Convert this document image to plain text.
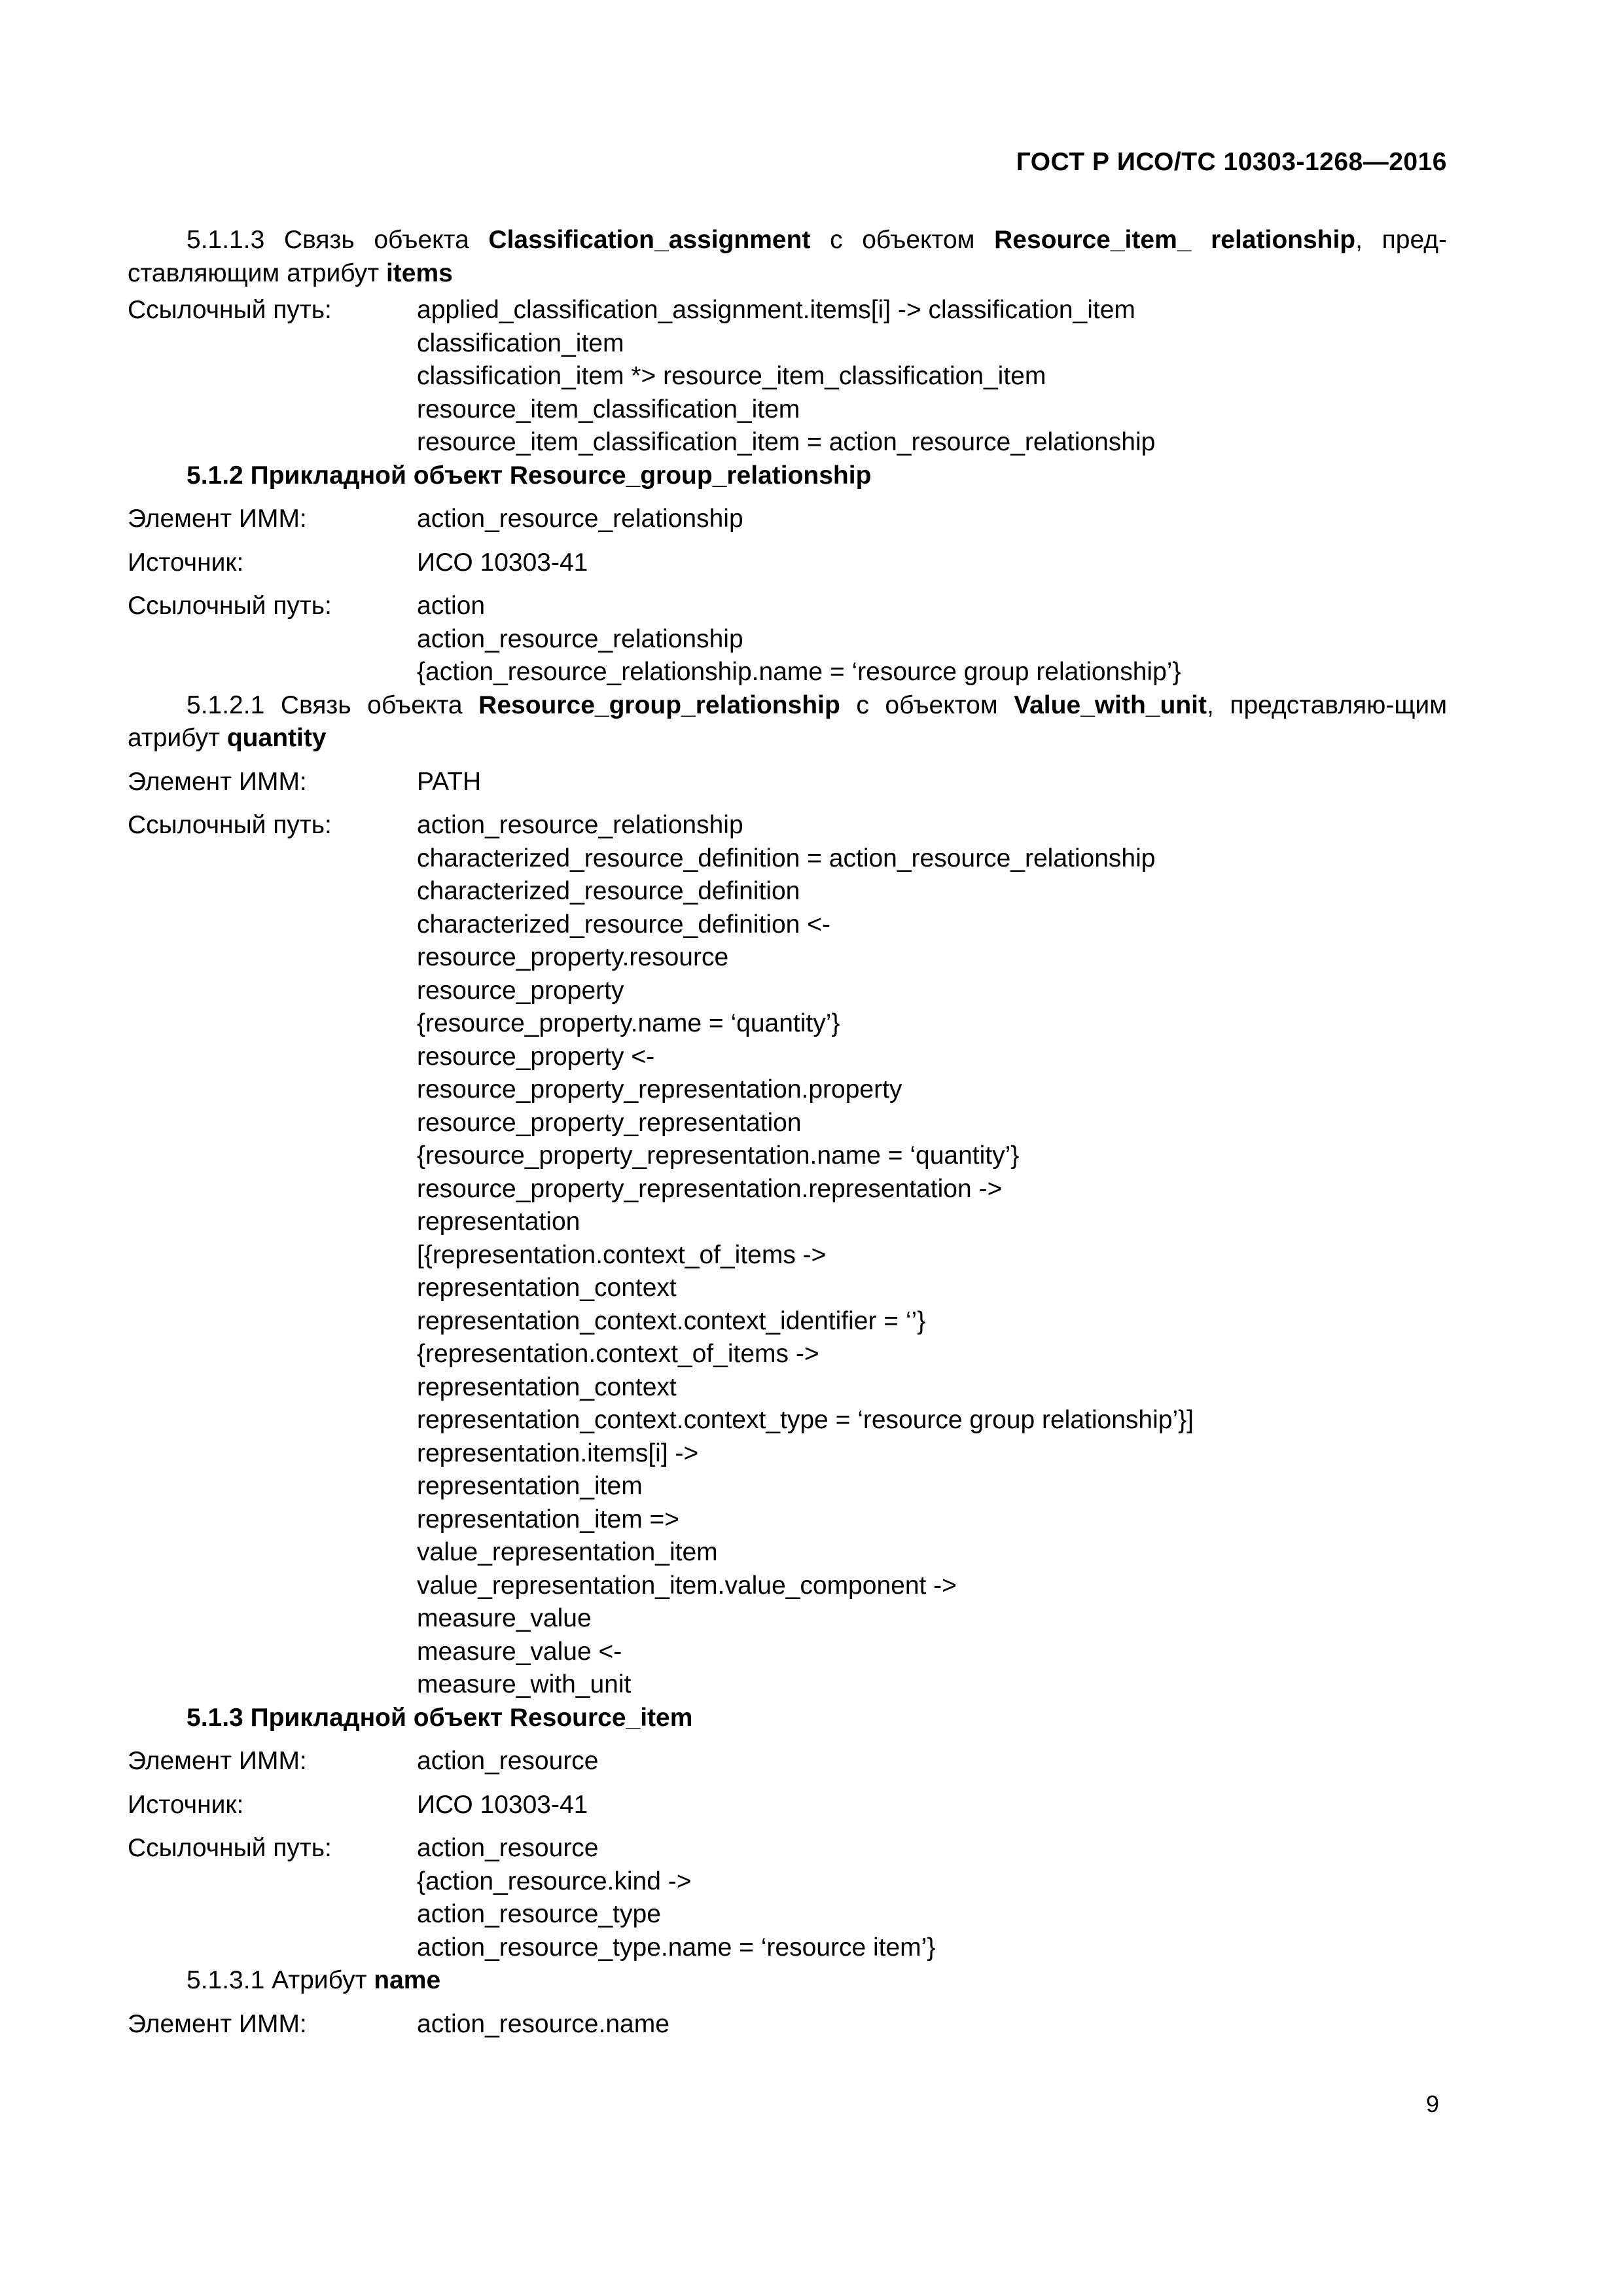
ГОСТ Р ИСО/ТС 10303-1268—2016
5.1.1.3 Связь объекта Classification_assignment с объектом Resource_item_ relationship, пред-ставляющим атрибут items
Ссылочный путь:	applied_classification_assignment.items[i] -> classification_item
classification_item
classification_item *> resource_item_classification_item
resource_item_classification_item
resource_item_classification_item = action_resource_relationship
5.1.2 Прикладной объект Resource_group_relationship
Элемент ИММ:	action_resource_relationship
Источник:	ИСО 10303-41
Ссылочный путь:	action
action_resource_relationship
{action_resource_relationship.name = ‘resource group relationship’}
5.1.2.1 Связь объекта Resource_group_relationship с объектом Value_with_unit, представляю-щим атрибут quantity
Элемент ИММ:	PATH
Ссылочный путь:	action_resource_relationship
characterized_resource_definition = action_resource_relationship
characterized_resource_definition
characterized_resource_definition <-
resource_property.resource
resource_property
{resource_property.name = ‘quantity’}
resource_property <-
resource_property_representation.property
resource_property_representation
{resource_property_representation.name = ‘quantity’}
resource_property_representation.representation ->
representation
[{representation.context_of_items ->
representation_context
representation_context.context_identifier = ‘’}
{representation.context_of_items ->
representation_context
representation_context.context_type = ‘resource group relationship’}]
representation.items[i] ->
representation_item
representation_item =>
value_representation_item
value_representation_item.value_component ->
measure_value
measure_value <-
measure_with_unit
5.1.3 Прикладной объект Resource_item
Элемент ИММ:	action_resource
Источник:	ИСО 10303-41
Ссылочный путь:	action_resource
{action_resource.kind ->
action_resource_type
action_resource_type.name = ‘resource item’}
5.1.3.1 Атрибут name
Элемент ИММ:	action_resource.name
9
